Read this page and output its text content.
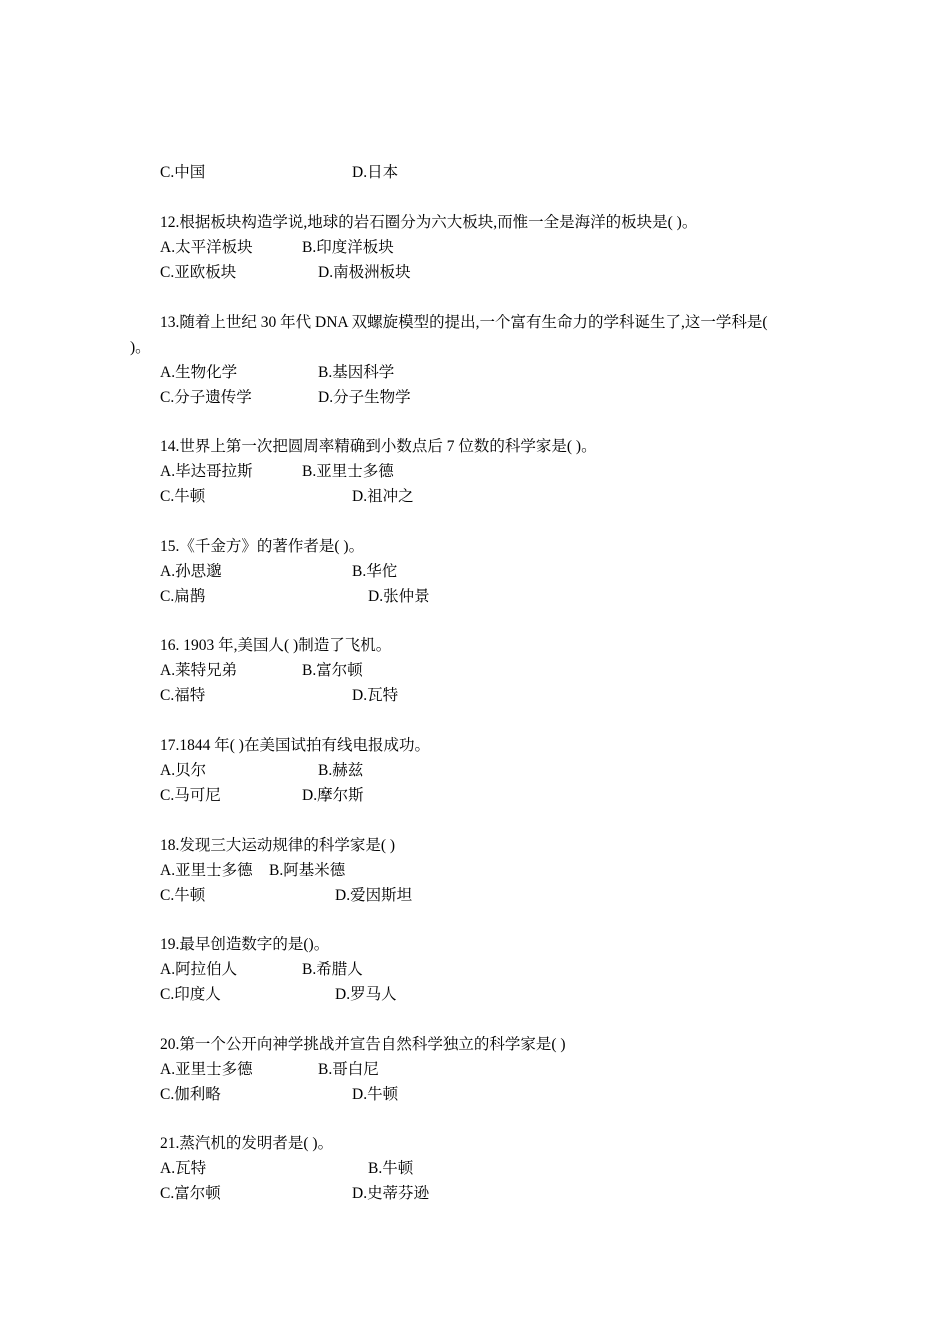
C.中国	D.日本
12.根据板块构造学说,地球的岩石圈分为六大板块,而惟一全是海洋的板块是( )。
A.太平洋板块	B.印度洋板块
C.亚欧板块	D.南极洲板块
13.随着上世纪 30 年代 DNA 双螺旋模型的提出,一个富有生命力的学科诞生了,这一学科是(
)。
A.生物化学	B.基因科学
C.分子遗传学	D.分子生物学
14.世界上第一次把圆周率精确到小数点后 7 位数的科学家是( )。
A.毕达哥拉斯	B.亚里士多德
C.牛顿	D.祖冲之
15.《千金方》的著作者是( )。
A.孙思邈	B.华佗
C.扁鹊	D.张仲景
16. 1903 年,美国人( )制造了飞机。
A.莱特兄弟	B.富尔顿
C.福特	D.瓦特
17.1844 年( )在美国试拍有线电报成功。
A.贝尔	B.赫兹
C.马可尼	D.摩尔斯
18.发现三大运动规律的科学家是( )
A.亚里士多德 B.阿基米德
C.牛顿	D.爱因斯坦
19.最早创造数字的是()。
A.阿拉伯人	B.希腊人
C.印度人	D.罗马人
20.第一个公开向神学挑战并宣告自然科学独立的科学家是( )
A.亚里士多德	B.哥白尼
C.伽利略	D.牛顿
21.蒸汽机的发明者是( )。
A.瓦特	B.牛顿
C.富尔顿	D.史蒂芬逊
